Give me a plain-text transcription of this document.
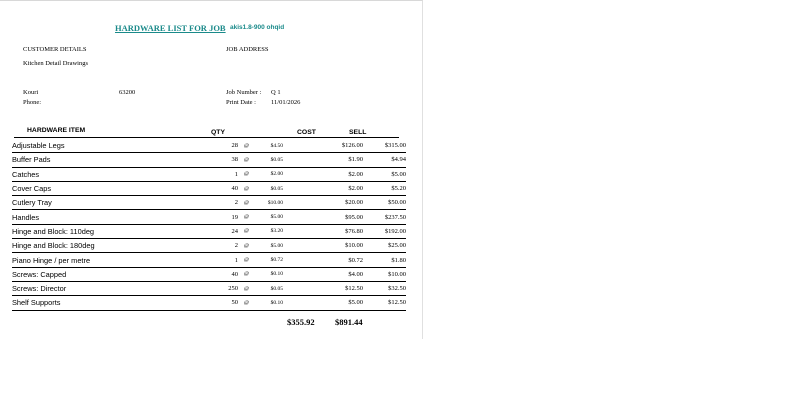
HARDWARE LIST FOR JOB akis1.8-900 ohqid
CUSTOMER DETAILS
Kitchen Detail Drawings
JOB ADDRESS
Kouri	63200
Phone:
Job Number : Q 1
Print Date : 11/01/2026
HARDWARE ITEM	QTY	COST	SELL
Adjustable Legs	28	@	$4.50		$126.00	$315.00
Buffer Pads	38	@	$0.05		$1.90	$4.94
Catches	1	@	$2.00		$2.00	$5.00
Cover Caps	40	@	$0.05		$2.00	$5.20
Cutlery Tray	2	@	$10.00		$20.00	$50.00
Handles	19	@	$5.00		$95.00	$237.50
Hinge and Block: 110deg	24	@	$3.20		$76.80	$192.00
Hinge and Block: 180deg	2	@	$5.00		$10.00	$25.00
Piano Hinge / per metre	1	@	$0.72		$0.72	$1.80
Screws: Capped	40	@	$0.10		$4.00	$10.00
Screws: Director	250	@	$0.05		$12.50	$32.50
Shelf Supports	50	@	$0.10		$5.00	$12.50
$355.92 $891.44
